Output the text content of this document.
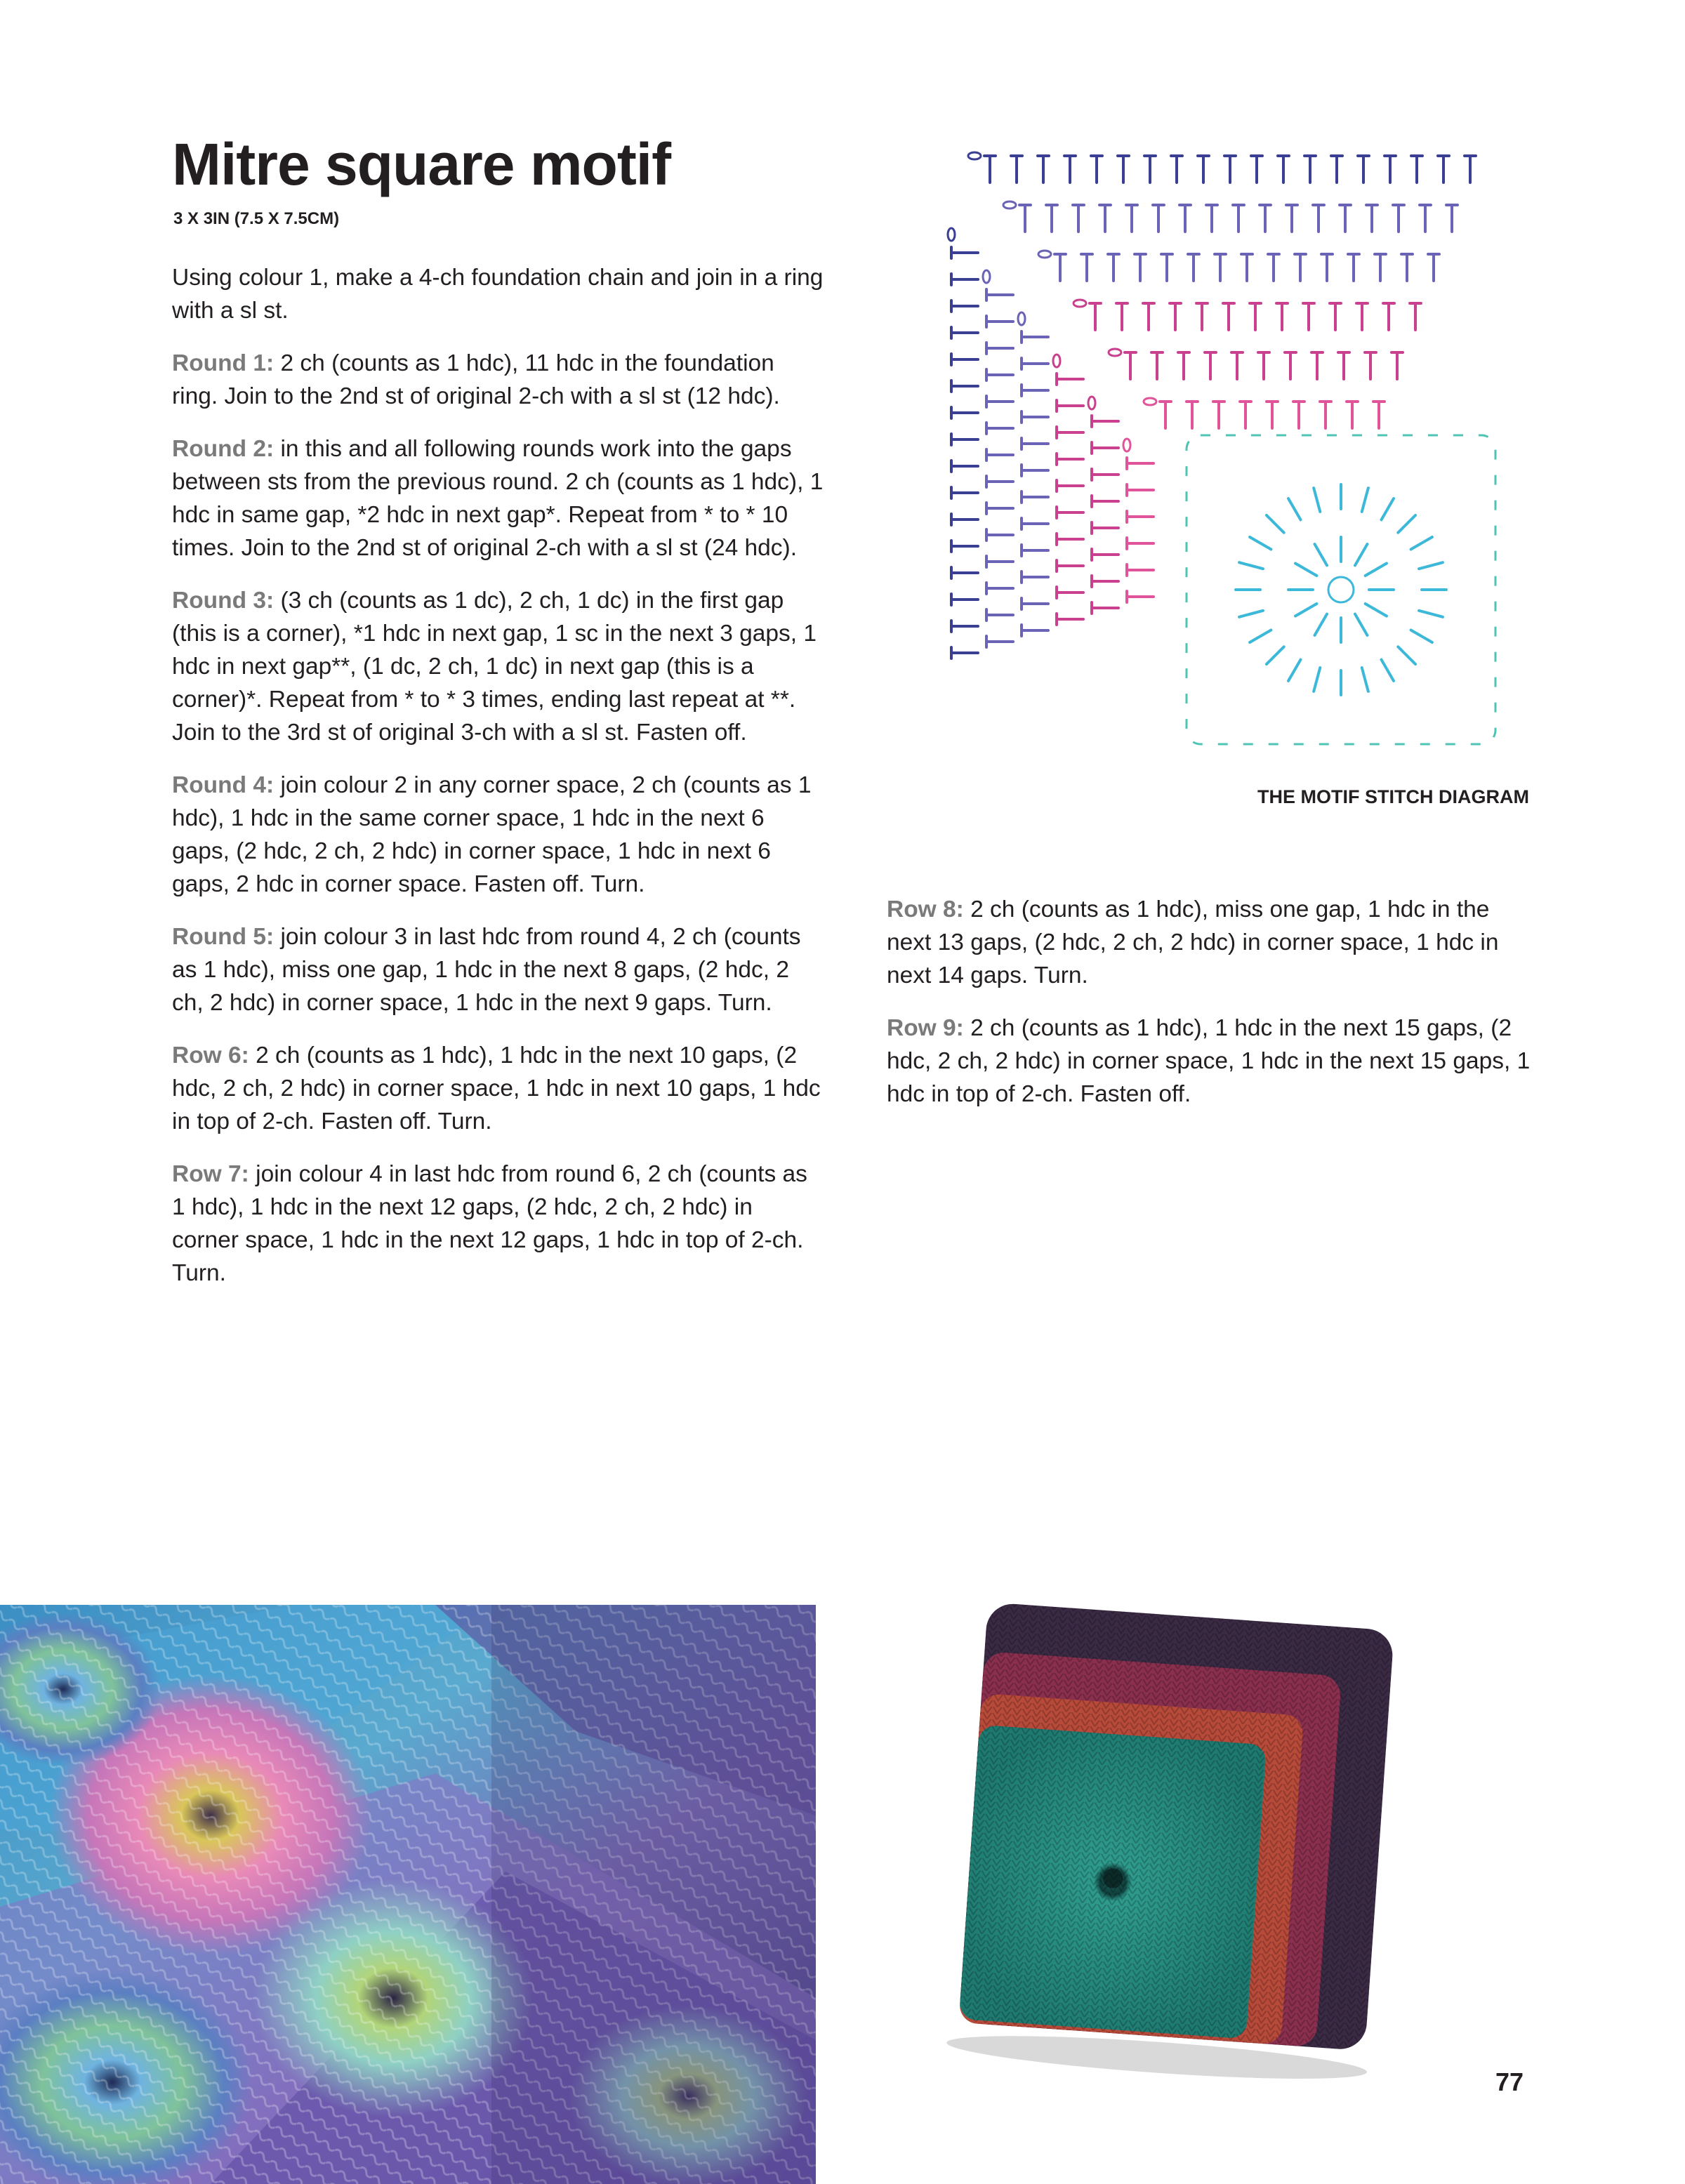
Mitre square motif
3 X 3IN (7.5 X 7.5CM)

Using colour 1, make a 4-ch foundation chain and join in a ring with a sl st.

Round 1: 2 ch (counts as 1 hdc), 11 hdc in the foundation ring. Join to the 2nd st of original 2-ch with a sl st (12 hdc).

Round 2: in this and all following rounds work into the gaps between sts from the previous round. 2 ch (counts as 1 hdc), 1 hdc in same gap, *2 hdc in next gap*. Repeat from * to * 10 times. Join to the 2nd st of original 2-ch with a sl st (24 hdc).

Round 3: (3 ch (counts as 1 dc), 2 ch, 1 dc) in the first gap (this is a corner), *1 hdc in next gap, 1 sc in the next 3 gaps, 1 hdc in next gap**, (1 dc, 2 ch, 1 dc) in next gap (this is a corner)*. Repeat from * to * 3 times, ending last repeat at **. Join to the 3rd st of original 3-ch with a sl st. Fasten off.

Round 4: join colour 2 in any corner space, 2 ch (counts as 1 hdc), 1 hdc in the same corner space, 1 hdc in the next 6 gaps, (2 hdc, 2 ch, 2 hdc) in corner space, 1 hdc in next 6 gaps, 2 hdc in corner space. Fasten off. Turn.

Round 5: join colour 3 in last hdc from round 4, 2 ch (counts as 1 hdc), miss one gap, 1 hdc in the next 8 gaps, (2 hdc, 2 ch, 2 hdc) in corner space, 1 hdc in the next 9 gaps. Turn.

Row 6: 2 ch (counts as 1 hdc), 1 hdc in the next 10 gaps, (2 hdc, 2 ch, 2 hdc) in corner space, 1 hdc in next 10 gaps, 1 hdc in top of 2-ch. Fasten off. Turn.

Row 7: join colour 4 in last hdc from round 6, 2 ch (counts as 1 hdc), 1 hdc in the next 12 gaps, (2 hdc, 2 ch, 2 hdc) in corner space, 1 hdc in the next 12 gaps, 1 hdc in top of 2-ch. Turn.

THE MOTIF STITCH DIAGRAM

Row 8: 2 ch (counts as 1 hdc), miss one gap, 1 hdc in the next 13 gaps, (2 hdc, 2 ch, 2 hdc) in corner space, 1 hdc in next 14 gaps. Turn.

Row 9: 2 ch (counts as 1 hdc), 1 hdc in the next 15 gaps, (2 hdc, 2 ch, 2 hdc) in corner space, 1 hdc in the next 15 gaps, 1 hdc in top of 2-ch. Fasten off.

77
